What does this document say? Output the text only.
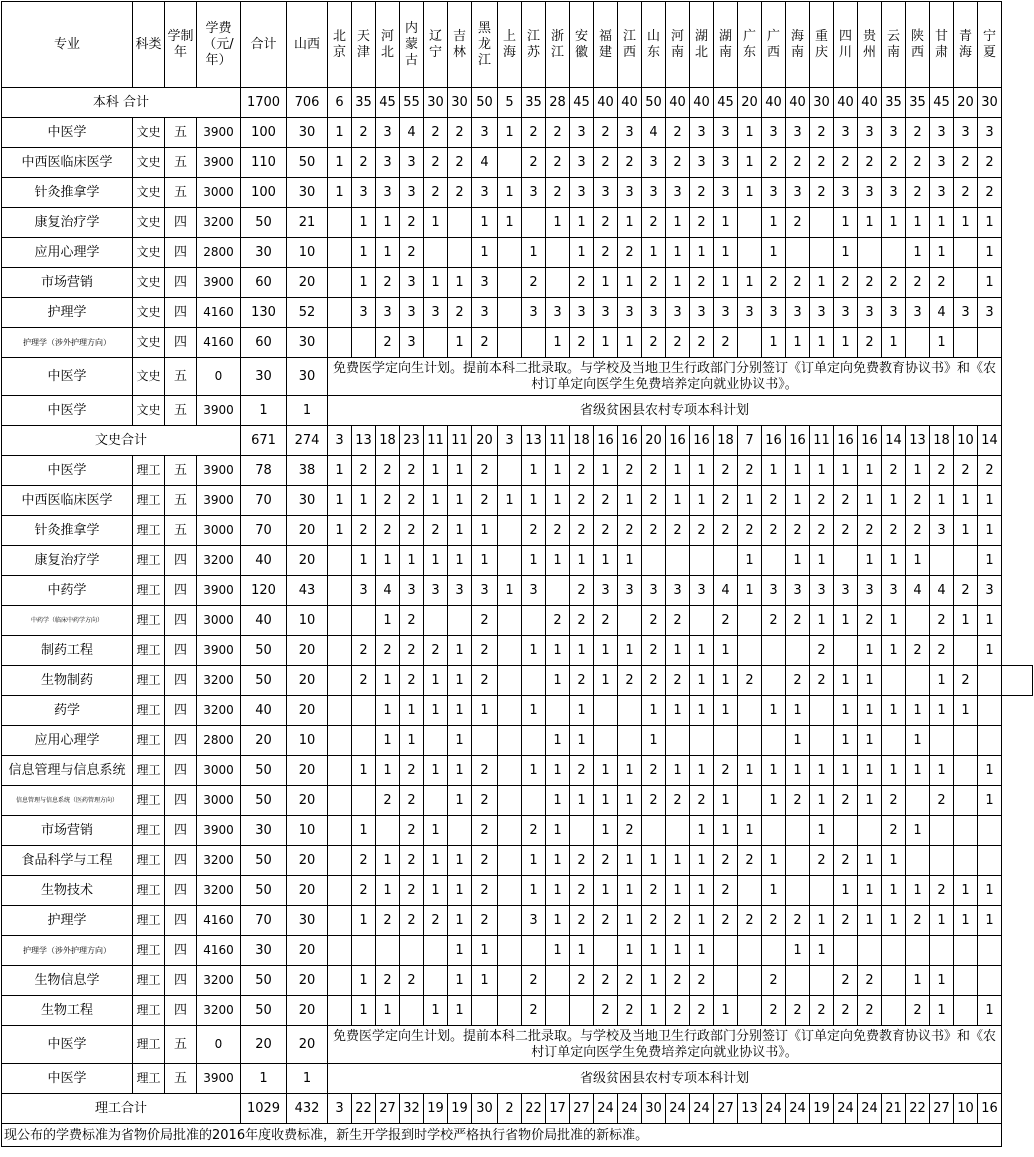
专业	科类	学制年	学费（元/年）	合计	山西	北京	天津	河北	内蒙古	辽宁	吉林	黑龙江	上海	江苏	浙江	安徽	福建	江西	山东	河南	湖北	湖南	广东	广西	海南	重庆	四川	贵州	云南	陕西	甘肃	青海	宁夏	
本科 合计				1700	706	6	35	45	55	30	30	50	5	35	28	45	40	40	50	40	40	45	20	40	40	30	40	40	35	35	45	20	30	
中医学	文史	五	3900	100	30	1	2	3	4	2	2	3	1	2	2	3	2	3	4	2	3	3	1	3	3	2	3	3	3	2	3	3	3	
中西医临床医学	文史	五	3900	110	50	1	2	3	3	2	2	4		2	2	3	2	2	3	2	3	3	1	2	2	2	2	2	2	2	3	2	2	
针灸推拿学	文史	五	3000	100	30	1	3	3	3	2	2	3	1	3	2	3	3	3	3	3	2	3	1	3	3	2	3	3	3	2	3	2	2	
康复治疗学	文史	四	3200	50	21		1	1	2	1		1	1		1	1	2	1	2	1	2	1		1	2		1	1	1	1	1	1	1	
应用心理学	文史	四	2800	30	10		1	1	2			1		1		1	2	2	1	1	1	1		1			1			1	1		1	
市场营销	文史	四	3900	60	20		1	2	3	1	1	3		2		2	1	1	2	1	2	1	1	2	2	1	2	2	2	2	2		1	
护理学	文史	四	4160	130	52		3	3	3	3	2	3		3	3	3	3	3	3	3	3	3	3	3	3	3	3	3	3	3	4	3	3	
护理学（涉外护理方向）	文史	四	4160	60	30			2	3		1	2			1	2	1	1	2	2	2	2		1	1	1	1	2	1		1			
中医学	文史	五	0	30	30	免费医学定向生计划。提前本科二批录取。与学校及当地卫生行政部门分别签订《订单定向免费教育协议书》和《农村订单定向医学生免费培养定向就业协议书》。																												
中医学	文史	五	3900	1	1	省级贫困县农村专项本科计划																												
文史合计				671	274	3	13	18	23	11	11	20	3	13	11	18	16	16	20	16	16	18	7	16	16	11	16	16	14	13	18	10	14	
中医学	理工	五	3900	78	38	1	2	2	2	1	1	2		1	1	2	1	2	2	1	1	2	2	1	1	1	1	1	2	1	2	2	2	
中西医临床医学	理工	五	3900	70	30	1	1	2	2	1	1	2	1	1	1	2	2	1	2	1	1	2	1	2	1	2	2	1	1	2	1	1	1	
针灸推拿学	理工	五	3000	70	20	1	2	2	2	2	1	1		2	2	2	2	2	2	2	2	2	2	2	2	2	2	2	2	2	3	1	1	
康复治疗学	理工	四	3200	40	20		1	1	1	1	1	1		1	1	1	1	1					1		1	1		1	1	1			1	
中药学	理工	四	3900	120	43		3	4	3	3	3	3	1	3		2	3	3	3	3	3	4	1	3	3	3	3	3	3	4	4	2	3	
中药学（临床中药学方向）	理工	四	3000	40	10			1	2			2			2	2	2		2	2		2		2	2	1	1	2	1		2	1	1	
制药工程	理工	四	3900	50	20		2	2	2	2	1	2		1	1	1	1	1	2	1	1	1				2		1	1	2	2		1	
生物制药	理工	四	3200	50	20		2	1	2	1	1	2			1	2	1	2	2	2	1	1	2		2	2	1	1			1	2		
药学	理工	四	3200	40	20			1	1	1	1	1		1		1			1	1	1	1		1	1		1	1	1	1	1	1		
应用心理学	理工	四	2800	20	10			1	1		1				1	1			1						1		1	1		1				
信息管理与信息系统	理工	四	3000	50	20		1	1	2	1	1	2		1	1	2	1	1	2	1	1	2	1	1	1	1	1	1	1	1	1		1	
信息管理与信息系统（医药管理方向）	理工	四	3000	50	20			2	2		1	2			1	1	1	1	2	2	2	1		1	2	1	2	1	2		2		1	
市场营销	理工	四	3900	30	10		1		2	1		2		2	1		1	2			1	1	1			1			2	1				
食品科学与工程	理工	四	3200	50	20		2	1	2	1	1	2		1	1	2	2	1	1	1	1	2	2	1		2	2	1	1					
生物技术	理工	四	3200	50	20		2	1	2	1	1	2		1	1	2	1	1	2	1	1	2		1			1	1	1	1	2	1	1	
护理学	理工	四	4160	70	30		1	2	2	2	1	2		3	1	2	2	1	2	2	1	2	2	2	2	1	2	1	1	2	1	1	1	
护理学（涉外护理方向）	理工	四	4160	30	20						1	1			1	1		1	1	1	1				1	1								
生物信息学	理工	四	3200	50	20		1	2	2		1	1		2		2	2	2	1	2	2			2			2	2		1	1			
生物工程	理工	四	3200	50	20		1	1		1	1			2			2	2	1	2	2	1		2	2	2	2	2		2	1		1	
中医学	理工	五	0	20	20	免费医学定向生计划。提前本科二批录取。与学校及当地卫生行政部门分别签订《订单定向免费教育协议书》和《农村订单定向医学生免费培养定向就业协议书》。																												
中医学	理工	五	3900	1	1	省级贫困县农村专项本科计划																												
理工合计				1029	432	3	22	27	32	19	19	30	2	22	17	27	24	24	30	24	24	27	13	24	24	19	24	24	21	22	27	10	16	
现公布的学费标准为省物价局批准的2016年度收费标准，新生开学报到时学校严格执行省物价局批准的新标准。																																		
